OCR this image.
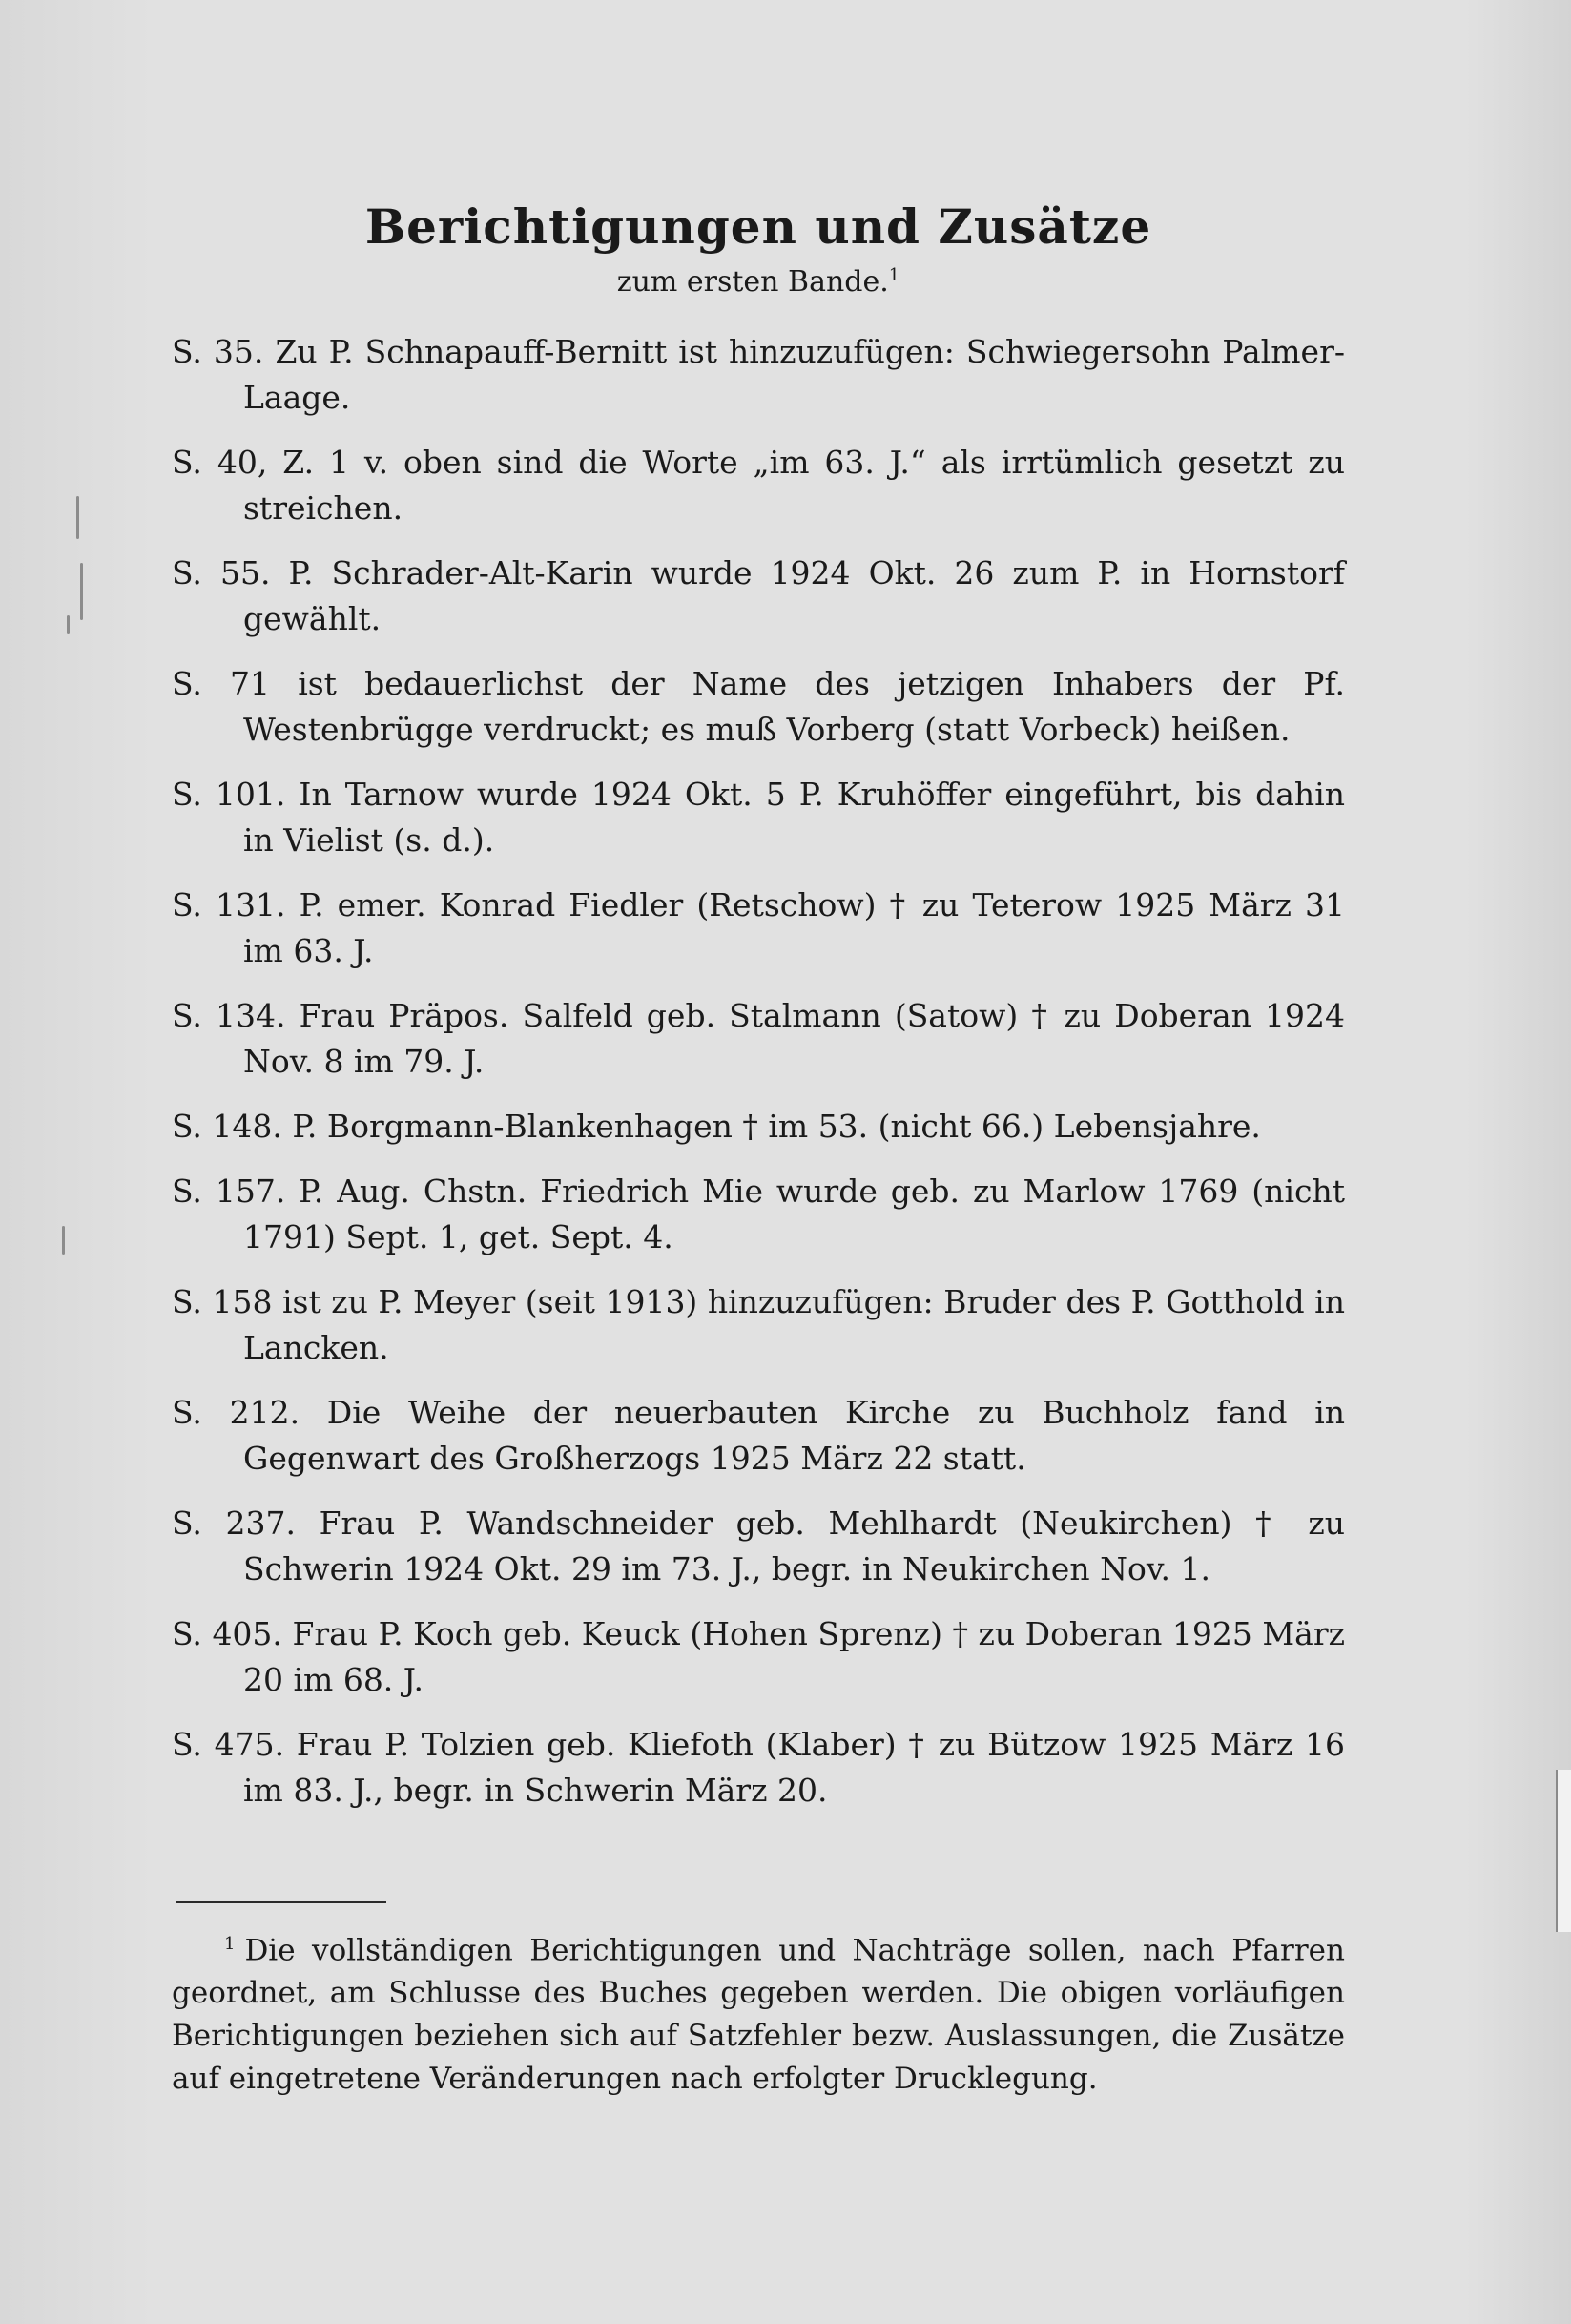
Berichtigungen und Zusätze

zum ersten Bande.$^1$

S. 35. Zu P. Schnapauff-Bernitt ist hinzuzufügen: Schwiegersohn Palmer-Laage.

S. 40, Z. 1 v. oben sind die Worte „im 63. J.“ als irrtümlich gesetzt zu streichen.

S. 55. P. Schrader-Alt-Karin wurde 1924 Okt. 26 zum P. in Hornstorf gewählt.

S. 71 ist bedauerlichst der Name des jetzigen Inhabers der Pf. Westenbrügge verdruckt; es muß Vorberg (statt Vorbeck) heißen.

S. 101. In Tarnow wurde 1924 Okt. 5 P. Kruhöffer eingeführt, bis dahin in Vielist (s. d.).

S. 131. P. emer. Konrad Fiedler (Retschow) † zu Teterow 1925 März 31 im 63. J.

S. 134. Frau Präpos. Salfeld geb. Stalmann (Satow) † zu Doberan 1924 Nov. 8 im 79. J.

S. 148. P. Borgmann-Blankenhagen † im 53. (nicht 66.) Lebensjahre.

S. 157. P. Aug. Chstn. Friedrich Mie wurde geb. zu Marlow 1769 (nicht 1791) Sept. 1, get. Sept. 4.

S. 158 ist zu P. Meyer (seit 1913) hinzuzufügen: Bruder des P. Gotthold in Lancken.

S. 212. Die Weihe der neuerbauten Kirche zu Buchholz fand in Gegenwart des Großherzogs 1925 März 22 statt.

S. 237. Frau P. Wandschneider geb. Mehlhardt (Neukirchen) † zu Schwerin 1924 Okt. 29 im 73. J., begr. in Neukirchen Nov. 1.

S. 405. Frau P. Koch geb. Keuck (Hohen Sprenz) † zu Doberan 1925 März 20 im 68. J.

S. 475. Frau P. Tolzien geb. Kliefoth (Klaber) † zu Bützow 1925 März 16 im 83. J., begr. in Schwerin März 20.

$^1$ Die vollständigen Berichtigungen und Nachträge sollen, nach Pfarren geordnet, am Schlusse des Buches gegeben werden. Die obigen vorläufigen Berichtigungen beziehen sich auf Satzfehler bezw. Auslassungen, die Zusätze auf eingetretene Veränderungen nach erfolgter Drucklegung.
